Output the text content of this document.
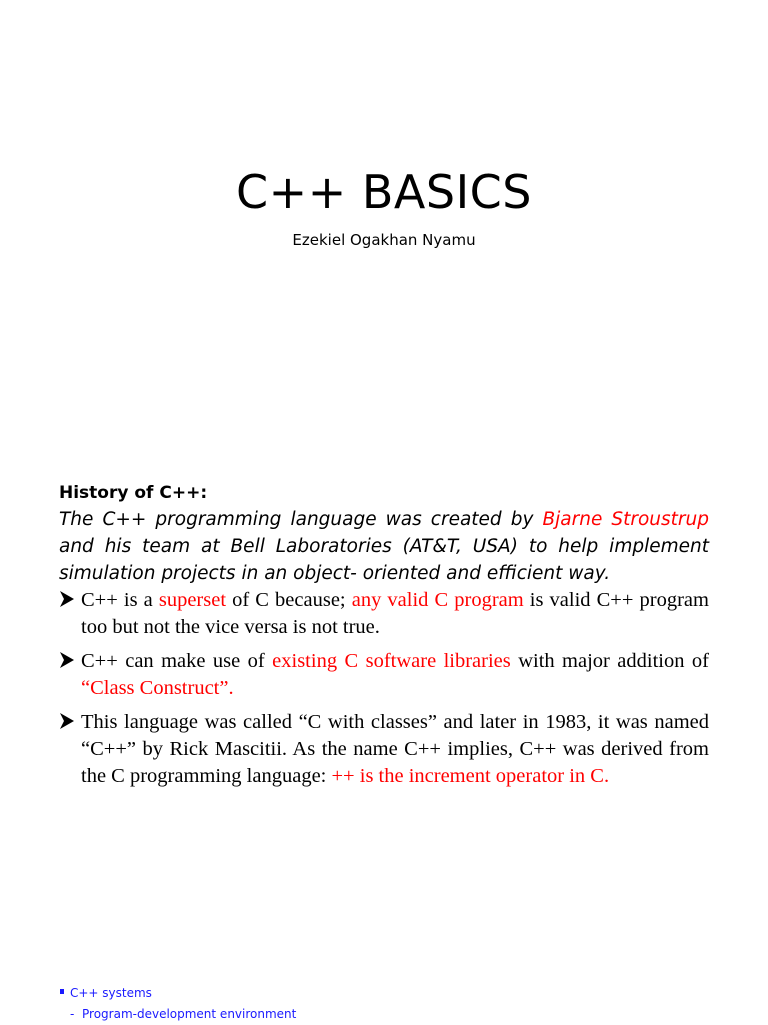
C++ BASICS
Ezekiel Ogakhan Nyamu
History of C++:
The C++ programming language was created by Bjarne Stroustrup and his team at Bell Laboratories (AT&T, USA) to help implement simulation projects in an object- oriented and efficient way.
C++ is a superset of C because; any valid C program is valid C++ program too but not the vice versa is not true.
C++ can make use of existing C software libraries with major addition of “Class Construct”.
This language was called “C with classes” and later in 1983, it was named “C++” by Rick Mascitii. As the name C++ implies, C++ was derived from the C programming language: ++ is the increment operator in C.
C++ systems
- Program-development environment
